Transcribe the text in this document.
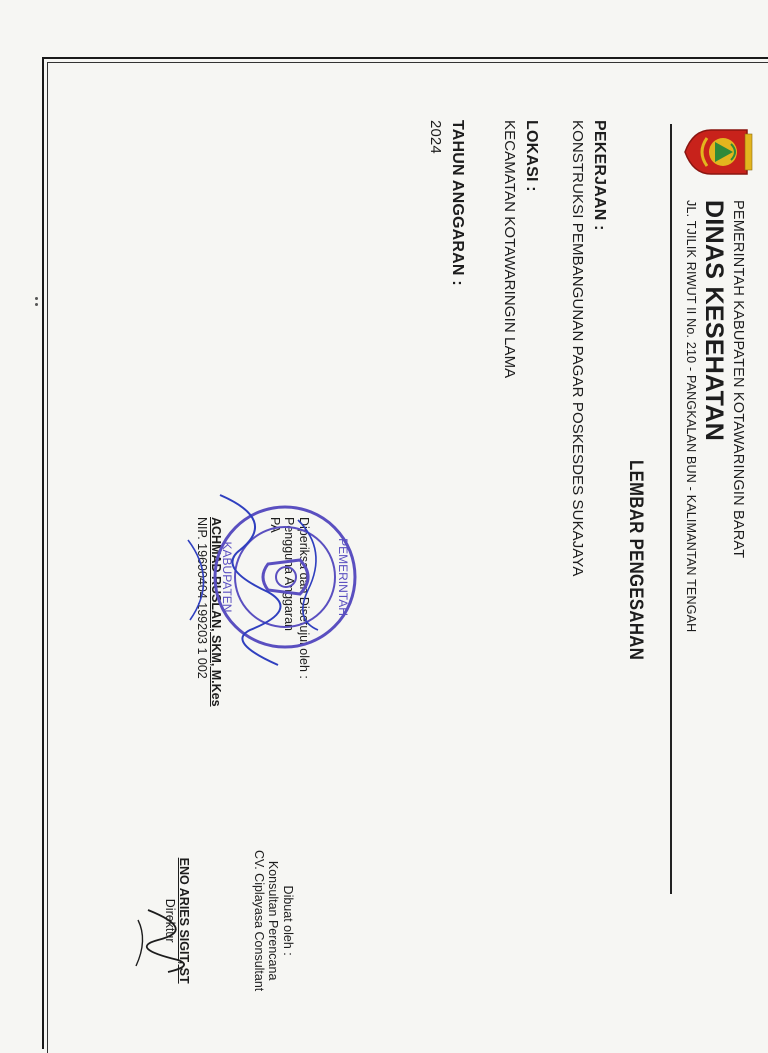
PEMERINTAH KABUPATEN KOTAWARINGIN BARAT
DINAS KESEHATAN
JL. TJILIK RIWUT II No. 210 - PANGKALAN BUN - KALIMANTAN TENGAH
LEMBAR PENGESAHAN
PEKERJAAN :
KONSTRUKSI PEMBANGUNAN PAGAR POSKESDES SUKAJAYA
LOKASI :
KECAMATAN KOTAWARINGIN LAMA
TAHUN ANGGARAN :
2024
Diperiksa dan Disetujui oleh :
Pengguna Anggaran
PA
ACHMAD RUSLAN, SKM, M.Kes
NIP. 19690404 199203 1 002	PEMERINTAH
KABUPATEN
Dibuat oleh :
Konsultan Perencana
CV. Ciplayasa Consultant
ENO ARIES SIGIT, ST
Direktur
